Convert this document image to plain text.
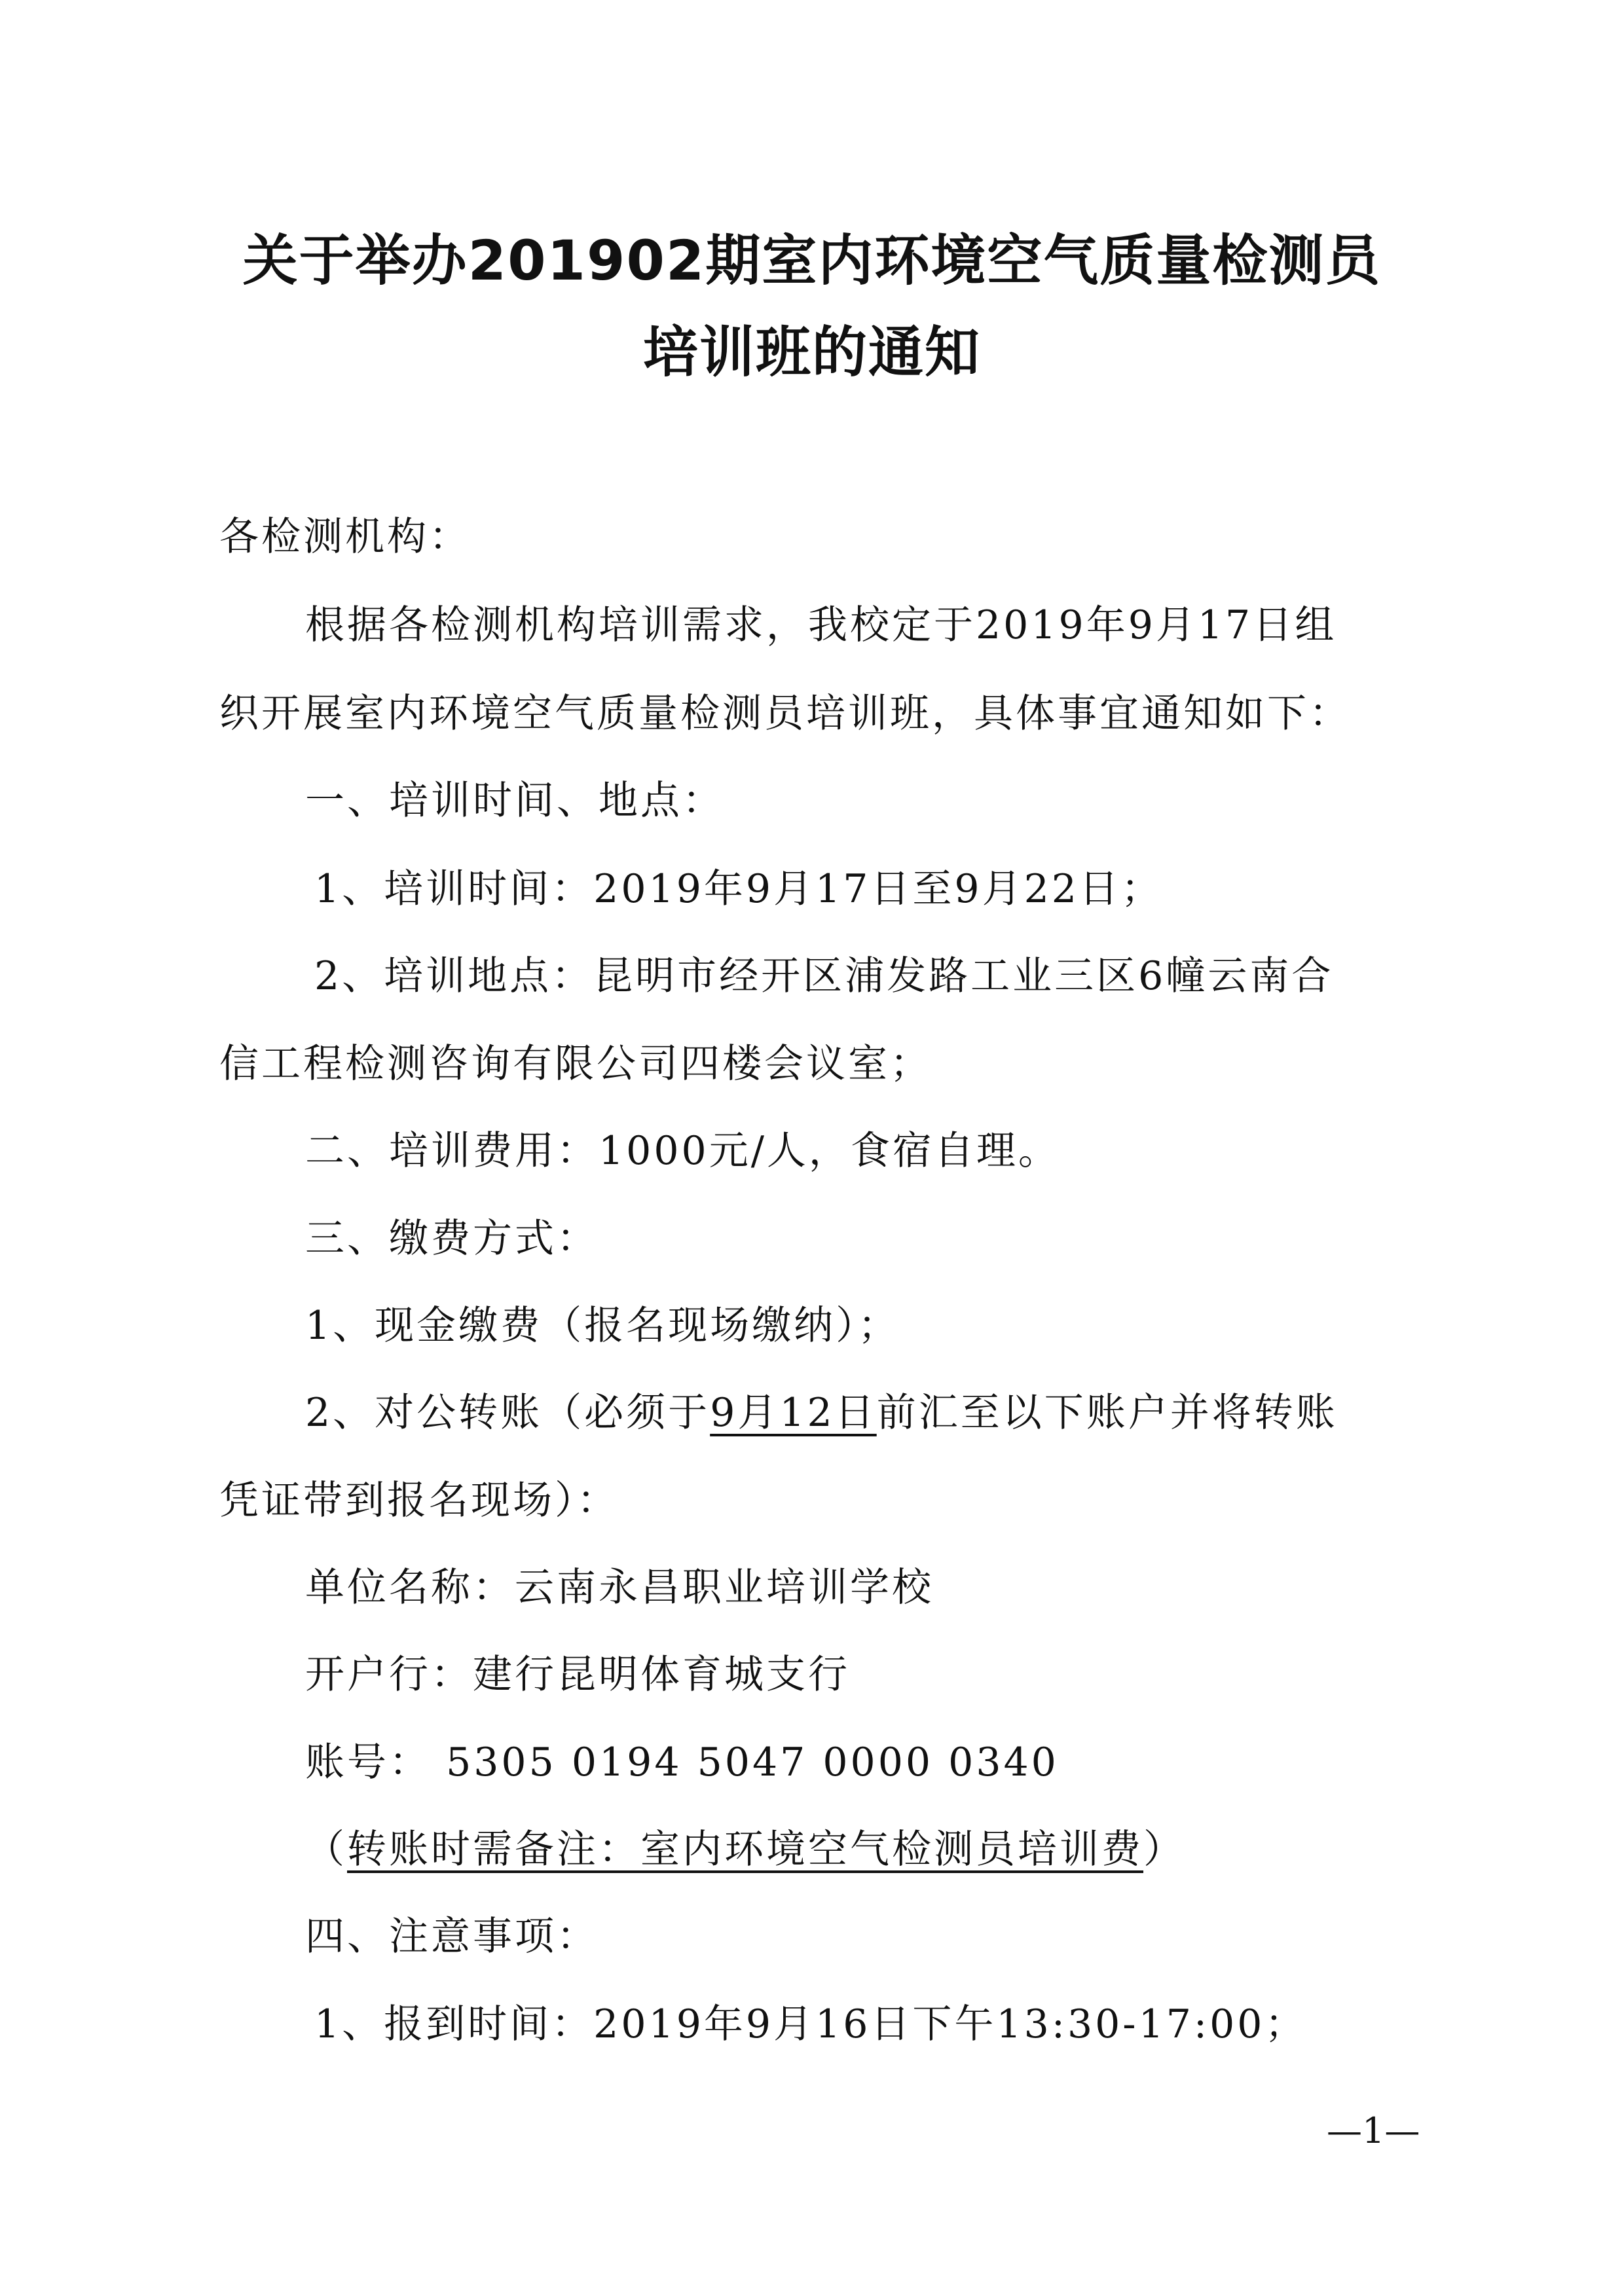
关于举办201902期室内环境空气质量检测员
培训班的通知
各检测机构：
根据各检测机构培训需求，我校定于2019年9月17日组
织开展室内环境空气质量检测员培训班，具体事宜通知如下：
一、培训时间、地点：
1、培训时间：2019年9月17日至9月22日；
2、培训地点：昆明市经开区浦发路工业三区6幢云南合
信工程检测咨询有限公司四楼会议室；
二、培训费用：1000元/人，食宿自理。
三、缴费方式：
1、现金缴费（报名现场缴纳）；
2、对公转账（必须于9月12日前汇至以下账户并将转账
凭证带到报名现场）：
单位名称：云南永昌职业培训学校
开户行：建行昆明体育城支行
账号： 5305 0194 5047 0000 0340
（转账时需备注：室内环境空气检测员培训费）
四、注意事项：
1、报到时间：2019年9月16日下午13:30-17:00；
—1—
